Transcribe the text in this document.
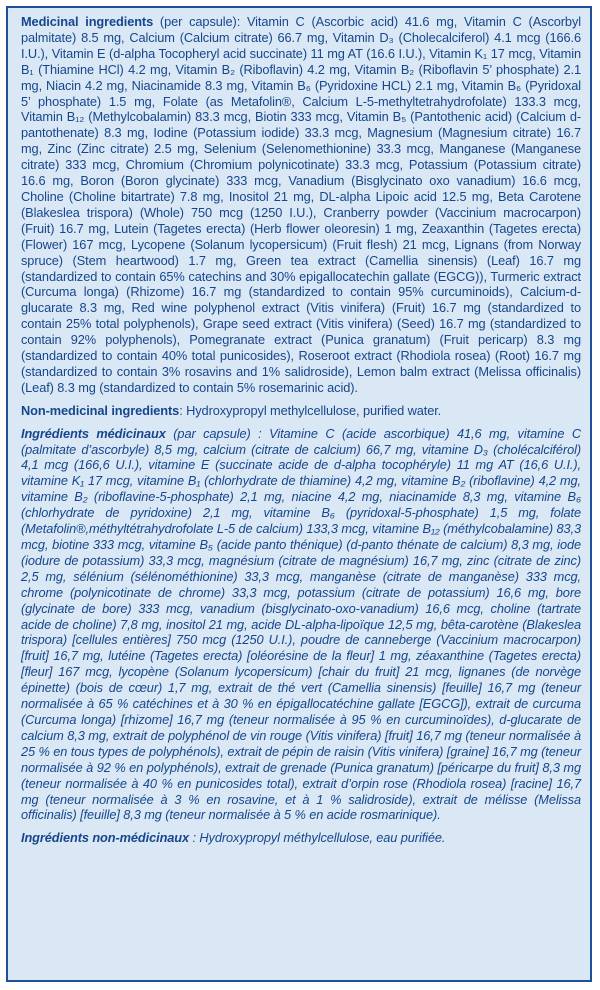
Medicinal ingredients (per capsule): Vitamin C (Ascorbic acid) 41.6 mg, Vitamin C (Ascorbyl palmitate) 8.5 mg, Calcium (Calcium citrate) 66.7 mg, Vitamin D₃ (Cholecalciferol) 4.1 mcg (166.6 I.U.), Vitamin E (d-alpha Tocopheryl acid succinate) 11 mg AT (16.6 I.U.), Vitamin K₁ 17 mcg, Vitamin B₁ (Thiamine HCl) 4.2 mg, Vitamin B₂ (Riboflavin) 4.2 mg, Vitamin B₂ (Riboflavin 5’ phosphate) 2.1 mg, Niacin 4.2 mg, Niacinamide 8.3 mg, Vitamin B₆ (Pyridoxine HCL) 2.1 mg, Vitamin B₆ (Pyridoxal 5’ phosphate) 1.5 mg, Folate (as Metafolin®, Calcium L-5-methyltetrahydrofolate) 133.3 mcg, Vitamin B₁₂ (Methylcobalamin) 83.3 mcg, Biotin 333 mcg, Vitamin B₅ (Pantothenic acid) (Calcium d-pantothenate) 8.3 mg, Iodine (Potassium iodide) 33.3 mcg, Magnesium (Magnesium citrate) 16.7 mg, Zinc (Zinc citrate) 2.5 mg, Selenium (Selenomethionine) 33.3 mcg, Manganese (Manganese citrate) 333 mcg, Chromium (Chromium polynicotinate) 33.3 mcg, Potassium (Potassium citrate) 16.6 mg, Boron (Boron glycinate) 333 mcg, Vanadium (Bisglycinato oxo vanadium) 16.6 mcg, Choline (Choline bitartrate) 7.8 mg, Inositol 21 mg, DL-alpha Lipoic acid 12.5 mg, Beta Carotene (Blakeslea trispora) (Whole) 750 mcg (1250 I.U.), Cranberry powder (Vaccinium macrocarpon) (Fruit) 16.7 mg, Lutein (Tagetes erecta) (Herb flower oleoresin) 1 mg, Zeaxanthin (Tagetes erecta) (Flower) 167 mcg, Lycopene (Solanum lycopersicum) (Fruit flesh) 21 mcg, Lignans (from Norway spruce) (Stem heartwood) 1.7 mg, Green tea extract (Camellia sinensis) (Leaf) 16.7 mg (standardized to contain 65% catechins and 30% epigallocatechin gallate (EGCG)), Turmeric extract (Curcuma longa) (Rhizome) 16.7 mg (standardized to contain 95% curcuminoids), Calcium-d-glucarate 8.3 mg, Red wine polyphenol extract (Vitis vinifera) (Fruit) 16.7 mg (standardized to contain 25% total polyphenols), Grape seed extract (Vitis vinifera) (Seed) 16.7 mg (standardized to contain 92% polyphenols), Pomegranate extract (Punica granatum) (Fruit pericarp) 8.3 mg (standardized to contain 40% total punicosides), Roseroot extract (Rhodiola rosea) (Root) 16.7 mg (standardized to contain 3% rosavins and 1% salidroside), Lemon balm extract (Melissa officinalis) (Leaf) 8.3 mg (standardized to contain 5% rosemarinic acid).

Non-medicinal ingredients: Hydroxypropyl methylcellulose, purified water.

Ingrédients médicinaux (par capsule) : Vitamine C (acide ascorbique) 41,6 mg, vitamine C (palmitate d’ascorbyle) 8,5 mg, calcium (citrate de calcium) 66,7 mg, vitamine D₃ (cholécalciférol) 4,1 mcg (166,6 U.I.), vitamine E (succinate acide de d-alpha tocophéryle) 11 mg AT (16,6 U.I.), vitamine K₁ 17 mcg, vitamine B₁ (chlorhydrate de thiamine) 4,2 mg, vitamine B₂ (riboflavine) 4,2 mg, vitamine B₂ (riboflavine-5-phosphate) 2,1 mg, niacine 4,2 mg, niacinamide 8,3 mg, vitamine B₆ (chlorhydrate de pyridoxine) 2,1 mg, vitamine B₆ (pyridoxal-5-phosphate) 1,5 mg, folate (Metafolin®,méthyltétrahydrofolate L-5 de calcium) 133,3 mcg, vitamine B₁₂ (méthylcobalamine) 83,3 mcg, biotine 333 mcg, vitamine B₅ (acide panto thénique) (d-panto thénate de calcium) 8,3 mg, iode (iodure de potassium) 33,3 mcg, magnésium (citrate de magnésium) 16,7 mg, zinc (citrate de zinc) 2,5 mg, sélénium (sélénométhionine) 33,3 mcg, manganèse (citrate de manganèse) 333 mcg, chrome (polynicotinate de chrome) 33,3 mcg, potassium (citrate de potassium) 16,6 mg, bore (glycinate de bore) 333 mcg, vanadium (bisglycinato-oxo-vanadium) 16,6 mcg, choline (tartrate acide de choline) 7,8 mg, inositol 21 mg, acide DL-alpha-lipoïque 12,5 mg, bêta-carotène (Blakeslea trispora) [cellules entières] 750 mcg (1250 U.I.), poudre de canneberge (Vaccinium macrocarpon) [fruit] 16,7 mg, lutéine (Tagetes erecta) [oléorésine de la fleur] 1 mg, zéaxanthine (Tagetes erecta) [fleur] 167 mcg, lycopène (Solanum lycopersicum) [chair du fruit] 21 mcg, lignanes (de norvège épinette) (bois de cœur) 1,7 mg, extrait de thé vert (Camellia sinensis) [feuille] 16,7 mg (teneur normalisée à 65 % catéchines et à 30 % en épigallocatéchine gallate [EGCG]), extrait de curcuma (Curcuma longa) [rhizome] 16,7 mg (teneur normalisée à 95 % en curcuminoïdes), d-glucarate de calcium 8,3 mg, extrait de polyphénol de vin rouge (Vitis vinifera) [fruit] 16,7 mg (teneur normalisée à 25 % en tous types de polyphénols), extrait de pépin de raisin (Vitis vinifera) [graine] 16,7 mg (teneur normalisée à 92 % en polyphénols), extrait de grenade (Punica granatum) [péricarpe du fruit] 8,3 mg (teneur normalisée à 40 % en punicosides total), extrait d’orpin rose (Rhodiola rosea) [racine] 16,7 mg (teneur normalisée à 3 % en rosavine, et à 1 % salidroside), extrait de mélisse (Melissa officinalis) [feuille] 8,3 mg (teneur normalisée à 5 % en acide rosmarinique).

Ingrédients non-médicinaux : Hydroxypropyl méthylcellulose, eau purifiée.
